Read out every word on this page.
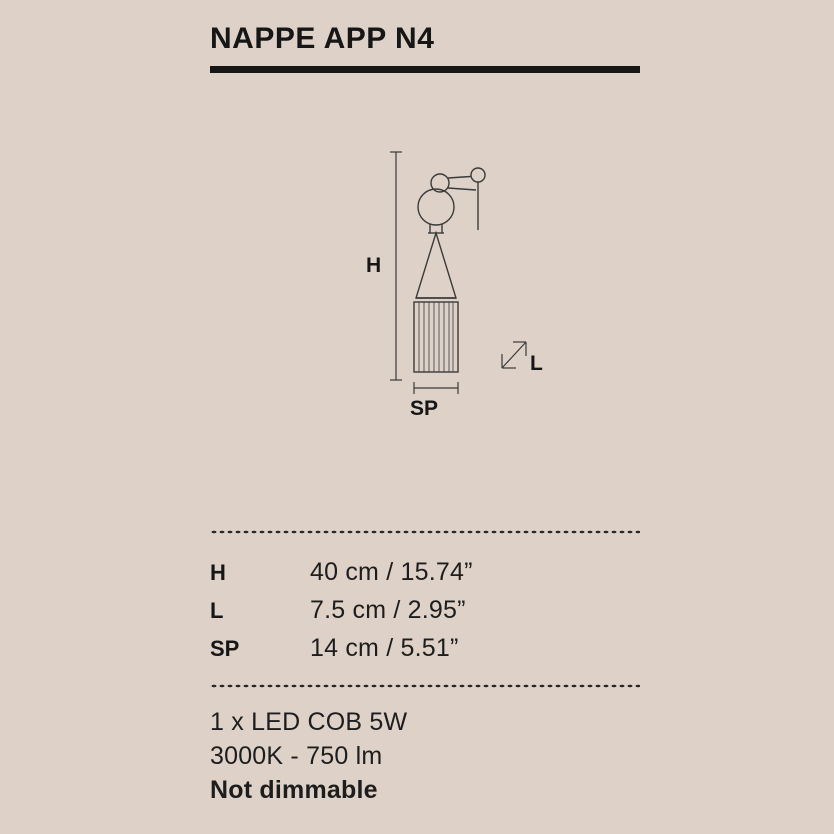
NAPPE APP N4
H
SP
L
H	40 cm / 15.74”
L	7.5 cm / 2.95”
SP	14 cm / 5.51”
1 x LED COB 5W
3000K - 750 lm
Not dimmable
